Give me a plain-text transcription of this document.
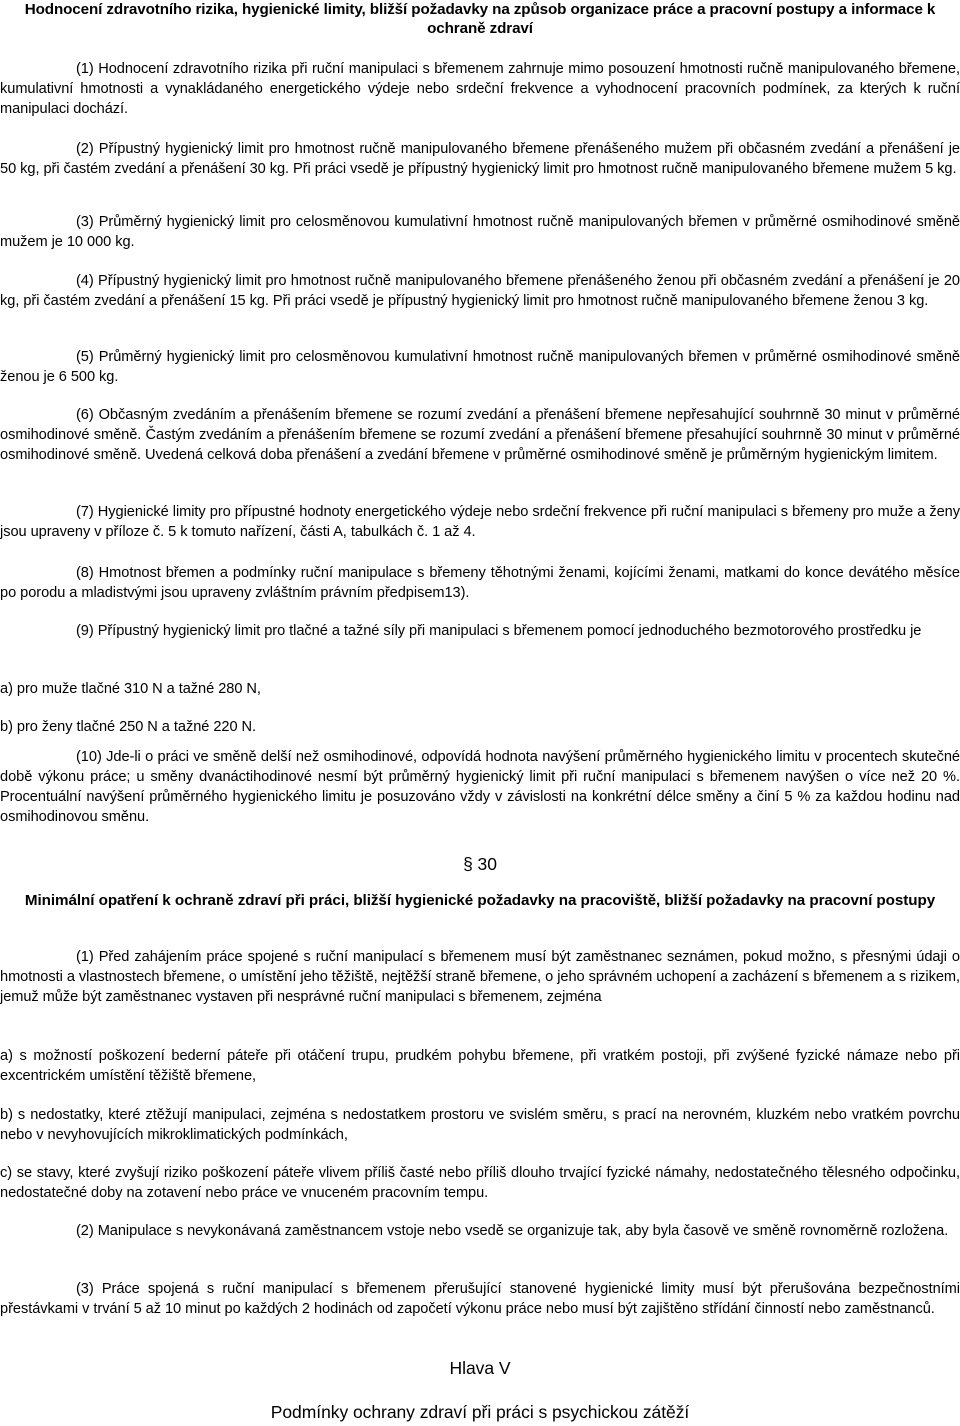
Hodnocení zdravotního rizika, hygienické limity, bližší požadavky na způsob organizace práce a pracovní postupy a informace k ochraně zdraví

(1) Hodnocení zdravotního rizika při ruční manipulaci s břemenem zahrnuje mimo posouzení hmotnosti ručně manipulovaného břemene, kumulativní hmotnosti a vynakládaného energetického výdeje nebo srdeční frekvence a vyhodnocení pracovních podmínek, za kterých k ruční manipulaci dochází.

(2) Přípustný hygienický limit pro hmotnost ručně manipulovaného břemene přenášeného mužem při občasném zvedání a přenášení je 50 kg, při častém zvedání a přenášení 30 kg. Při práci vsedě je přípustný hygienický limit pro hmotnost ručně manipulovaného břemene mužem 5 kg.

(3) Průměrný hygienický limit pro celosměnovou kumulativní hmotnost ručně manipulovaných břemen v průměrné osmihodinové směně mužem je 10 000 kg.

(4) Přípustný hygienický limit pro hmotnost ručně manipulovaného břemene přenášeného ženou při občasném zvedání a přenášení je 20 kg, při častém zvedání a přenášení 15 kg. Při práci vsedě je přípustný hygienický limit pro hmotnost ručně manipulovaného břemene ženou 3 kg.

(5) Průměrný hygienický limit pro celosměnovou kumulativní hmotnost ručně manipulovaných břemen v průměrné osmihodinové směně ženou je 6 500 kg.

(6) Občasným zvedáním a přenášením břemene se rozumí zvedání a přenášení břemene nepřesahující souhrnně 30 minut v průměrné osmihodinové směně. Častým zvedáním a přenášením břemene se rozumí zvedání a přenášení břemene přesahující souhrnně 30 minut v průměrné osmihodinové směně. Uvedená celková doba přenášení a zvedání břemene v průměrné osmihodinové směně je průměrným hygienickým limitem.

(7) Hygienické limity pro přípustné hodnoty energetického výdeje nebo srdeční frekvence při ruční manipulaci s břemeny pro muže a ženy jsou upraveny v příloze č. 5 k tomuto nařízení, části A, tabulkách č. 1 až 4.

(8) Hmotnost břemen a podmínky ruční manipulace s břemeny těhotnými ženami, kojícími ženami, matkami do konce devátého měsíce po porodu a mladistvými jsou upraveny zvláštním právním předpisem13).

(9) Přípustný hygienický limit pro tlačné a tažné síly při manipulaci s břemenem pomocí jednoduchého bezmotorového prostředku je

a) pro muže tlačné 310 N a tažné 280 N,

b) pro ženy tlačné 250 N a tažné 220 N.

(10) Jde-li o práci ve směně delší než osmihodinové, odpovídá hodnota navýšení průměrného hygienického limitu v procentech skutečné době výkonu práce; u směny dvanáctihodinové nesmí být průměrný hygienický limit při ruční manipulaci s břemenem navýšen o více než 20 %. Procentuální navýšení průměrného hygienického limitu je posuzováno vždy v závislosti na konkrétní délce směny a činí 5 % za každou hodinu nad osmihodinovou směnu.

§ 30

Minimální opatření k ochraně zdraví při práci, bližší hygienické požadavky na pracoviště, bližší požadavky na pracovní postupy

(1) Před zahájením práce spojené s ruční manipulací s břemenem musí být zaměstnanec seznámen, pokud možno, s přesnými údaji o hmotnosti a vlastnostech břemene, o umístění jeho těžiště, nejtěžší straně břemene, o jeho správném uchopení a zacházení s břemenem a s rizikem, jemuž může být zaměstnanec vystaven při nesprávné ruční manipulaci s břemenem, zejména

a) s možností poškození bederní páteře při otáčení trupu, prudkém pohybu břemene, při vratkém postoji, při zvýšené fyzické námaze nebo při excentrickém umístění těžiště břemene,

b) s nedostatky, které ztěžují manipulaci, zejména s nedostatkem prostoru ve svislém směru, s prací na nerovném, kluzkém nebo vratkém povrchu nebo v nevyhovujících mikroklimatických podmínkách,

c) se stavy, které zvyšují riziko poškození páteře vlivem příliš časté nebo příliš dlouho trvající fyzické námahy, nedostatečného tělesného odpočinku, nedostatečné doby na zotavení nebo práce ve vnuceném pracovním tempu.

(2) Manipulace s nevykonávaná zaměstnancem vstoje nebo vsedě se organizuje tak, aby byla časově ve směně rovnoměrně rozložena.

(3) Práce spojená s ruční manipulací s břemenem přerušující stanovené hygienické limity musí být přerušována bezpečnostními přestávkami v trvání 5 až 10 minut po každých 2 hodinách od započetí výkonu práce nebo musí být zajištěno střídání činností nebo zaměstnanců.

Hlava V

Podmínky ochrany zdraví při práci s psychickou zátěží
